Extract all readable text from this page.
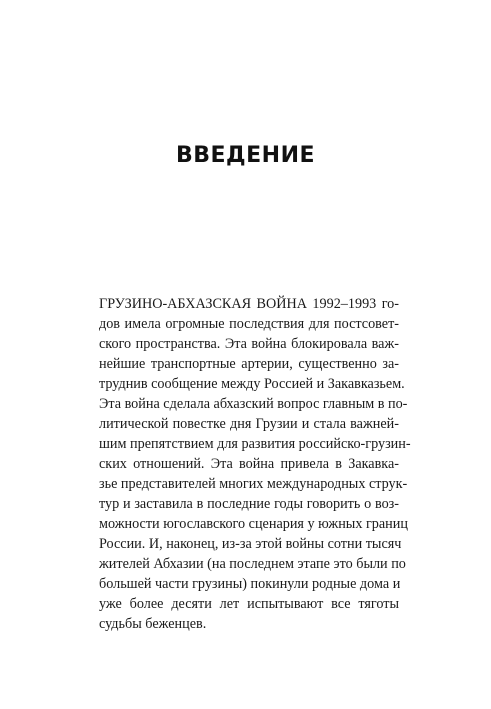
ВВЕДЕНИЕ
ГРУЗИНО-АБХАЗСКАЯ ВОЙНА 1992–1993 го-
дов имела огромные последствия для постсовет-
ского пространства. Эта война блокировала важ-
нейшие транспортные артерии, существенно за-
труднив сообщение между Россией и Закавказьем.
Эта война сделала абхазский вопрос главным в по-
литической повестке дня Грузии и стала важней-
шим препятствием для развития российско-грузин-
ских отношений. Эта война привела в Закавка-
зье представителей многих международных струк-
тур и заставила в последние годы говорить о воз-
можности югославского сценария у южных границ
России. И, наконец, из-за этой войны сотни тысяч
жителей Абхазии (на последнем этапе это были по
большей части грузины) покинули родные дома и
уже более десяти лет испытывают все тяготы
судьбы беженцев.
